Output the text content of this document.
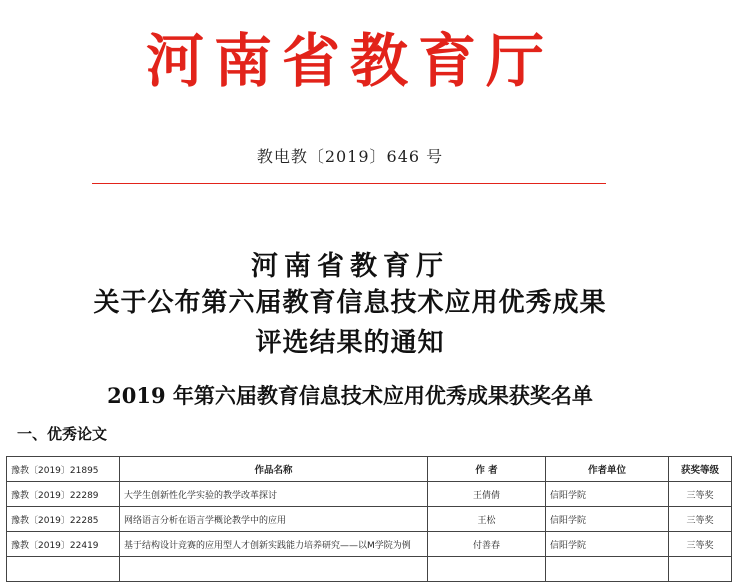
河南省教育厅
教电教〔2019〕646 号
河南省教育厅
关于公布第六届教育信息技术应用优秀成果
评选结果的通知
2019 年第六届教育信息技术应用优秀成果获奖名单
一、优秀论文
豫教〔2019〕21895	作品名称	作 者	作者单位	获奖等级
豫教〔2019〕22289	大学生创新性化学实验的教学改革探讨	王倩倩	信阳学院	三等奖
豫教〔2019〕22285	网络语言分析在语言学概论教学中的应用	王松	信阳学院	三等奖
豫教〔2019〕22419	基于结构设计竞赛的应用型人才创新实践能力培养研究——以M学院为例	付善春	信阳学院	三等奖
